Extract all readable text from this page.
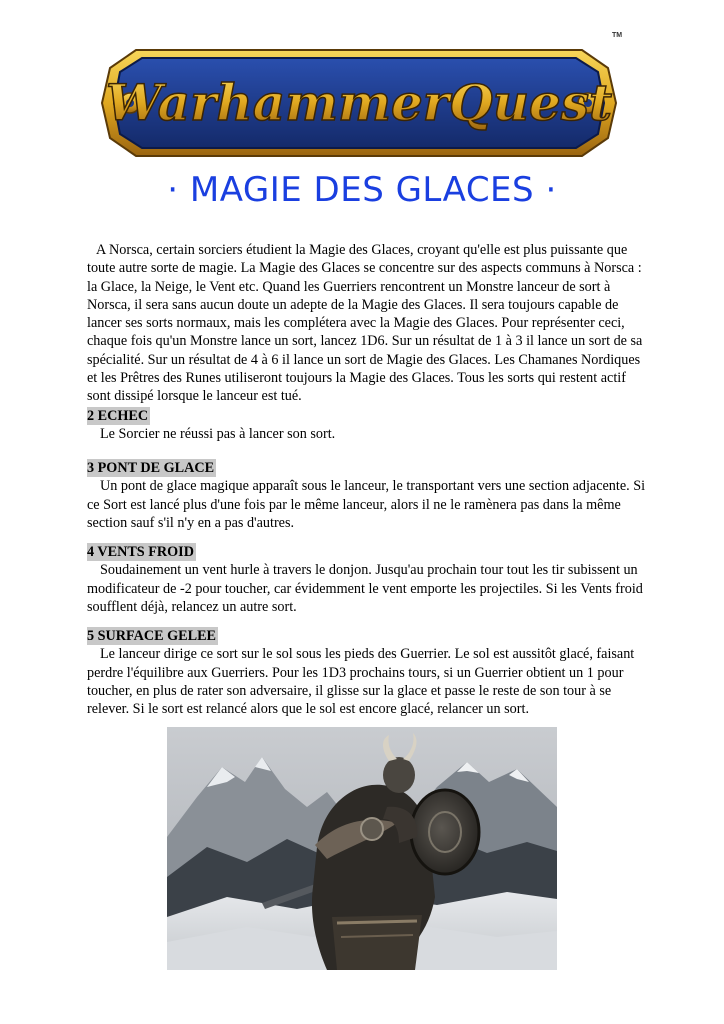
WarhammerQuest
TM
· MAGIE DES GLACES ·

A Norsca, certain sorciers étudient la Magie des Glaces, croyant qu'elle est plus puissante que toute autre sorte de magie. La Magie des Glaces se concentre sur des aspects communs à Norsca : la Glace, la Neige, le Vent etc. Quand les Guerriers rencontrent un Monstre lanceur de sort à Norsca, il sera sans aucun doute un adepte de la Magie des Glaces. Il sera toujours capable de lancer ses sorts normaux, mais les complétera avec la Magie des Glaces. Pour représenter ceci, chaque fois qu'un Monstre lance un sort, lancez 1D6. Sur un résultat de 1 à 3 il lance un sort de sa spécialité. Sur un résultat de 4 à 6 il lance un sort de Magie des Glaces. Les Chamanes Nordiques et les Prêtres des Runes utiliseront toujours la Magie des Glaces. Tous les sorts qui restent actif sont dissipé lorsque le lanceur est tué.

2 ECHEC

Le Sorcier ne réussi pas à lancer son sort.

3 PONT DE GLACE

Un pont de glace magique apparaît sous le lanceur, le transportant vers une section adjacente. Si ce Sort est lancé plus d'une fois par le même lanceur, alors il ne le ramènera pas dans la même section sauf s'il n'y en a pas d'autres.

4 VENTS FROID

Soudainement un vent hurle à travers le donjon. Jusqu'au prochain tour tout les tir subissent un modificateur de -2 pour toucher, car évidemment le vent emporte les projectiles. Si les Vents froid soufflent déjà, relancez un autre sort.

5 SURFACE GELEE

Le lanceur dirige ce sort sur le sol sous les pieds des Guerrier. Le sol est aussitôt glacé, faisant perdre l'équilibre aux Guerriers. Pour les 1D3 prochains tours, si un Guerrier obtient un 1 pour toucher, en plus de rater son adversaire, il glisse sur la glace et passe le reste de son tour à se relever. Si le sort est relancé alors que le sol est encore glacé, relancer un sort.
